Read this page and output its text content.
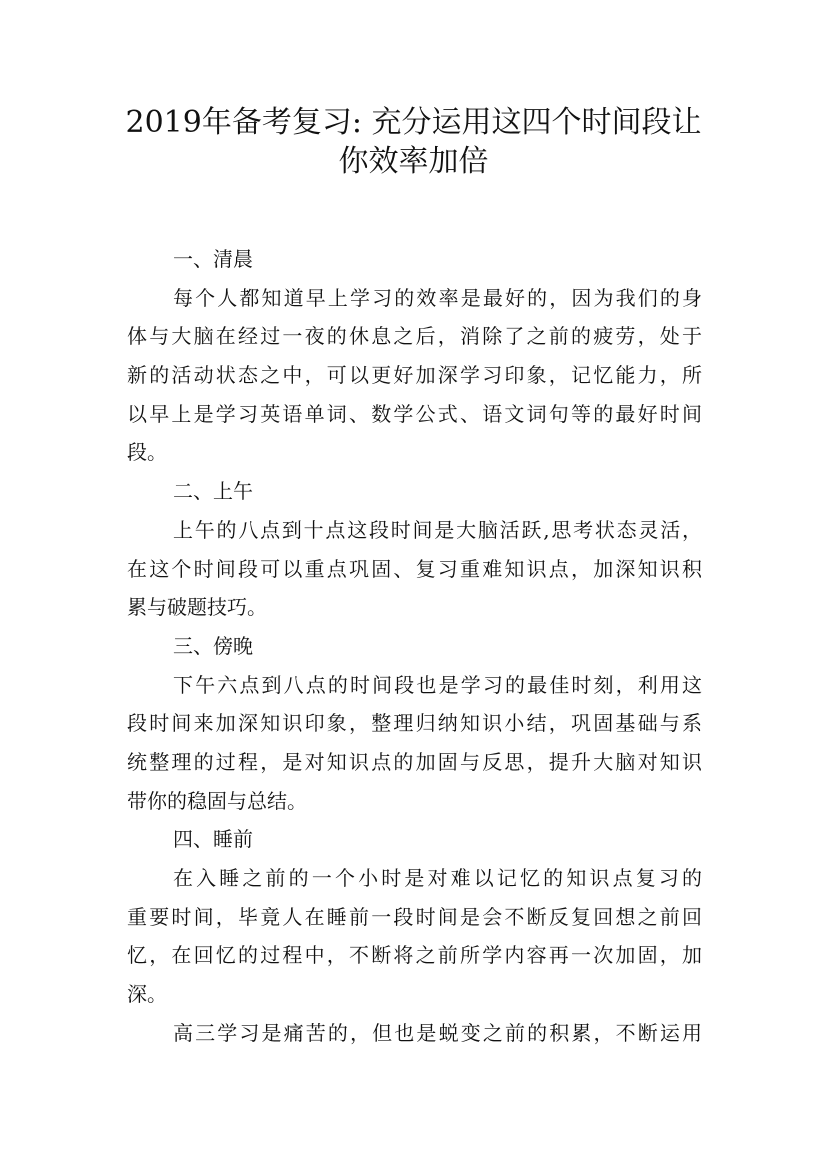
2019年备考复习: 充分运用这四个时间段让
你效率加倍
一、清晨
每个人都知道早上学习的效率是最好的，因为我们的身
体与大脑在经过一夜的休息之后，消除了之前的疲劳，处于
新的活动状态之中，可以更好加深学习印象，记忆能力，所
以早上是学习英语单词、数学公式、语文词句等的最好时间
段。
二、上午
上午的八点到十点这段时间是大脑活跃,思考状态灵活，
在这个时间段可以重点巩固、复习重难知识点，加深知识积
累与破题技巧。
三、傍晚
下午六点到八点的时间段也是学习的最佳时刻，利用这
段时间来加深知识印象，整理归纳知识小结，巩固基础与系
统整理的过程，是对知识点的加固与反思，提升大脑对知识
带你的稳固与总结。
四、睡前
在入睡之前的一个小时是对难以记忆的知识点复习的
重要时间，毕竟人在睡前一段时间是会不断反复回想之前回
忆，在回忆的过程中，不断将之前所学内容再一次加固，加
深。
高三学习是痛苦的，但也是蜕变之前的积累，不断运用
